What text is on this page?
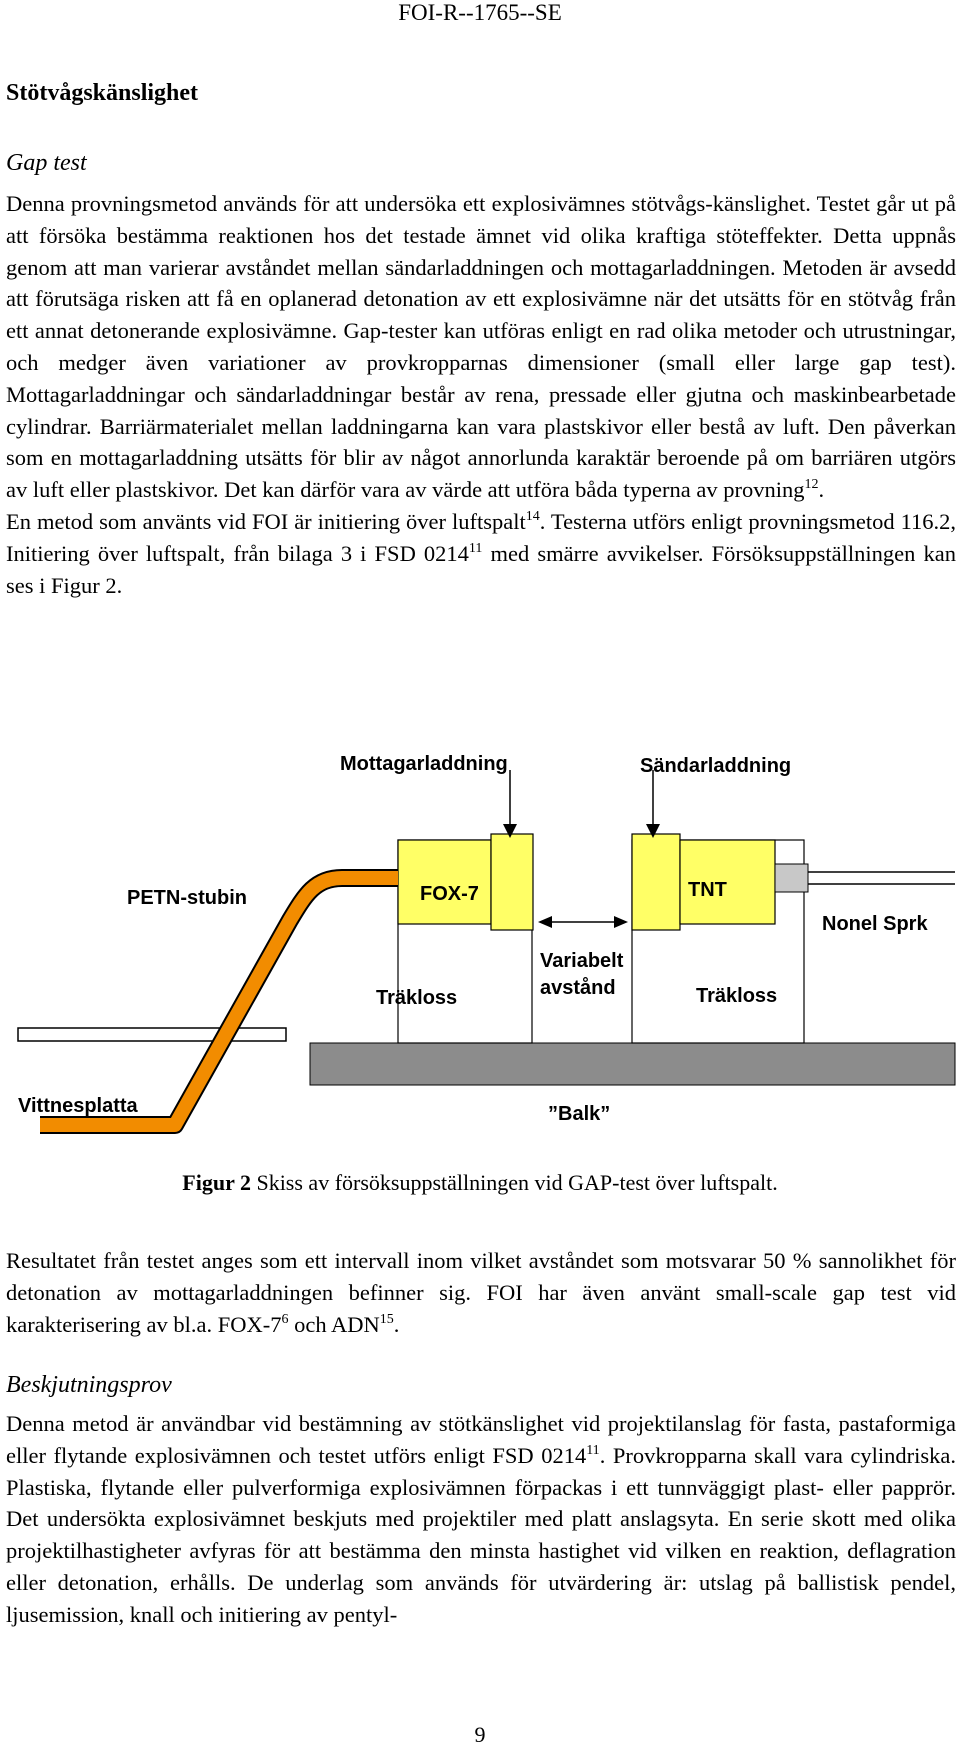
FOI-R--1765--SE
Stötvågskänslighet
Gap test

Denna provningsmetod används för att undersöka ett explosivämnes stötvågs-känslighet. Testet går ut på att försöka bestämma reaktionen hos det testade ämnet vid olika kraftiga stöteffekter. Detta uppnås genom att man varierar avståndet mellan sändarladdningen och mottagarladdningen. Metoden är avsedd att förutsäga risken att få en oplanerad detonation av ett explosivämne när det utsätts för en stötvåg från ett annat detonerande explosivämne. Gap-tester kan utföras enligt en rad olika metoder och utrustningar, och medger även variationer av provkropparnas dimensioner (small eller large gap test). Mottagarladdningar och sändarladdningar består av rena, pressade eller gjutna och maskinbearbetade cylindrar. Barriärmaterialet mellan laddningarna kan vara plastskivor eller bestå av luft. Den påverkan som en mottagarladdning utsätts för blir av något annorlunda karaktär beroende på om barriären utgörs av luft eller plastskivor. Det kan därför vara av värde att utföra båda typerna av provning$^{12}$.

En metod som använts vid FOI är initiering över luftspalt$^{14}$. Testerna utförs enligt provningsmetod 116.2, Initiering över luftspalt, från bilaga 3 i FSD 0214$^{11}$ med smärre avvikelser. Försöksuppställningen kan ses i Figur 2.

Mottagarladdning	Sändarladdning
PETN-stubin	FOX-7	TNT
Nonel Sprk
Variabelt
avstånd
Träkloss	Träkloss
Vittnesplatta	”Balk”
Figur 2 Skiss av försöksuppställningen vid GAP-test över luftspalt.

Resultatet från testet anges som ett intervall inom vilket avståndet som motsvarar 50 % sannolikhet för detonation av mottagarladdningen befinner sig. FOI har även använt small-scale gap test vid karakterisering av bl.a. FOX-$7^6$ och ADN$^{15}$.

Beskjutningsprov

Denna metod är användbar vid bestämning av stötkänslighet vid projektilanslag för fasta, pastaformiga eller flytande explosivämnen och testet utförs enligt FSD 0214$^{11}$. Provkropparna skall vara cylindriska. Plastiska, flytande eller pulverformiga explosivämnen förpackas i ett tunnväggigt plast- eller papprör. Det undersökta explosivämnet beskjuts med projektiler med platt anslagsyta. En serie skott med olika projektilhastigheter avfyras för att bestämma den minsta hastighet vid vilken en reaktion, deflagration eller detonation, erhålls. De underlag som används för utvärdering är: utslag på ballistisk pendel, ljusemission, knall och initiering av pentyl-

9
